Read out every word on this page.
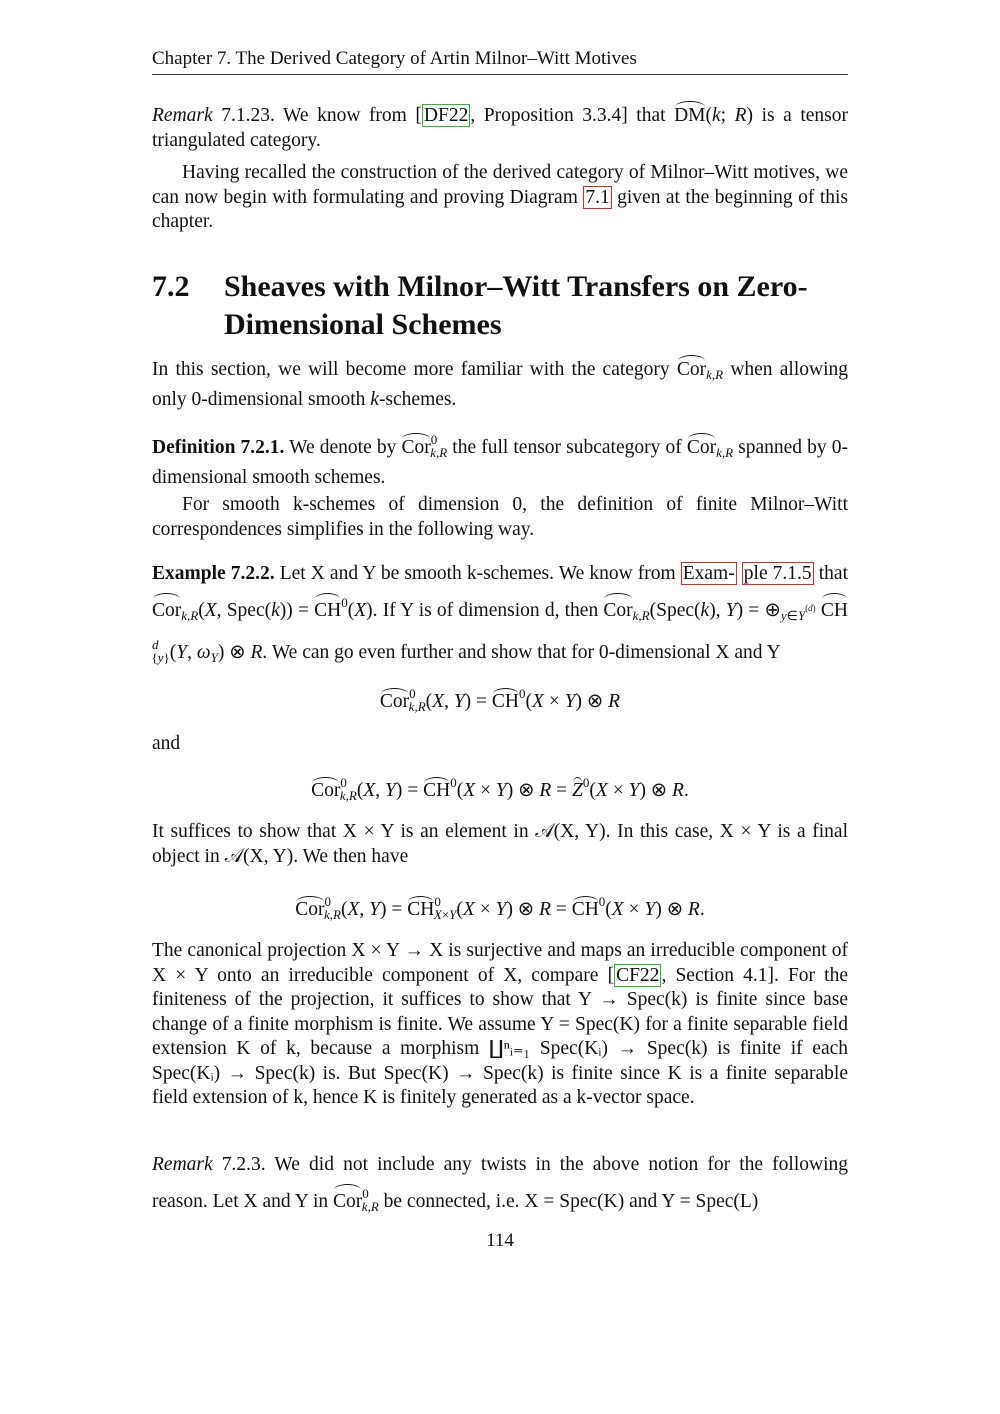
Chapter 7. The Derived Category of Artin Milnor–Witt Motives
Remark 7.1.23. We know from [ DF22 , Proposition 3.3.4] that DM(k; R) is a tensor triangulated category.
Having recalled the construction of the derived category of Milnor–Witt motives, we can now begin with formulating and proving Diagram 7.1 given at the beginning of this chapter.
7.2 Sheaves with Milnor–Witt Transfers on Zero-Dimensional Schemes
In this section, we will become more familiar with the category Cor$_{k,R}$ when allowing only 0-dimensional smooth k-schemes.
Definition 7.2.1. We denote by Cor$^0_{k,R}$ the full tensor subcategory of Cor$_{k,R}$ spanned by 0-dimensional smooth schemes.
For smooth k-schemes of dimension 0, the definition of finite Milnor–Witt correspondences simplifies in the following way.
Example 7.2.2. Let X and Y be smooth k-schemes. We know from Exam- ple 7.1.5 that Cor$_{k,R}$(X, Spec(k)) = $CH^0(X)$. If Y is of dimension d, then Cor$_{k,R}$(Spec(k), $Y) = \oplus_{y\in Y^{(d)}}$ $CH^d_{\{y\}}(Y$, $\omega_Y$) ⊗ R. We can go even further and show that for 0-dimensional X and Y
Cor$^0_{k,R}$(X, $Y) = CH^0(X \times Y)$ ⊗ R
and
Cor$^0_{k,R}$(X, $Y) = CH^0(X \times Y)$ ⊗ $R = Z^0(X \times Y)$ ⊗ R.
It suffices to show that X × Y is an element in 𝒜(X, Y). In this case, X × Y is a final object in 𝒜(X, Y). We then have
Cor$^0_{k,R}$(X, $Y) = CH^0_{X\times Y}(X \times Y)$ ⊗ $R = CH^0(X \times Y)$ ⊗ R.
The canonical projection X × Y → X is surjective and maps an irreducible component of X × Y onto an irreducible component of X, compare [ CF22 , Section 4.1]. For the finiteness of the projection, it suffices to show that Y → Spec(k) is finite since base change of a finite morphism is finite. We assume Y = Spec(K) for a finite separable field extension K of k, because a morphism ∐ⁿᵢ₌₁ Spec(Kᵢ) → Spec(k) is finite if each Spec(Kᵢ) → Spec(k) is. But Spec(K) → Spec(k) is finite since K is a finite separable field extension of k, hence K is finitely generated as a k-vector space.
Remark 7.2.3. We did not include any twists in the above notion for the following reason. Let X and Y in Cor$^0_{k,R}$ be connected, i.e. X = Spec(K) and Y = Spec(L)
114
